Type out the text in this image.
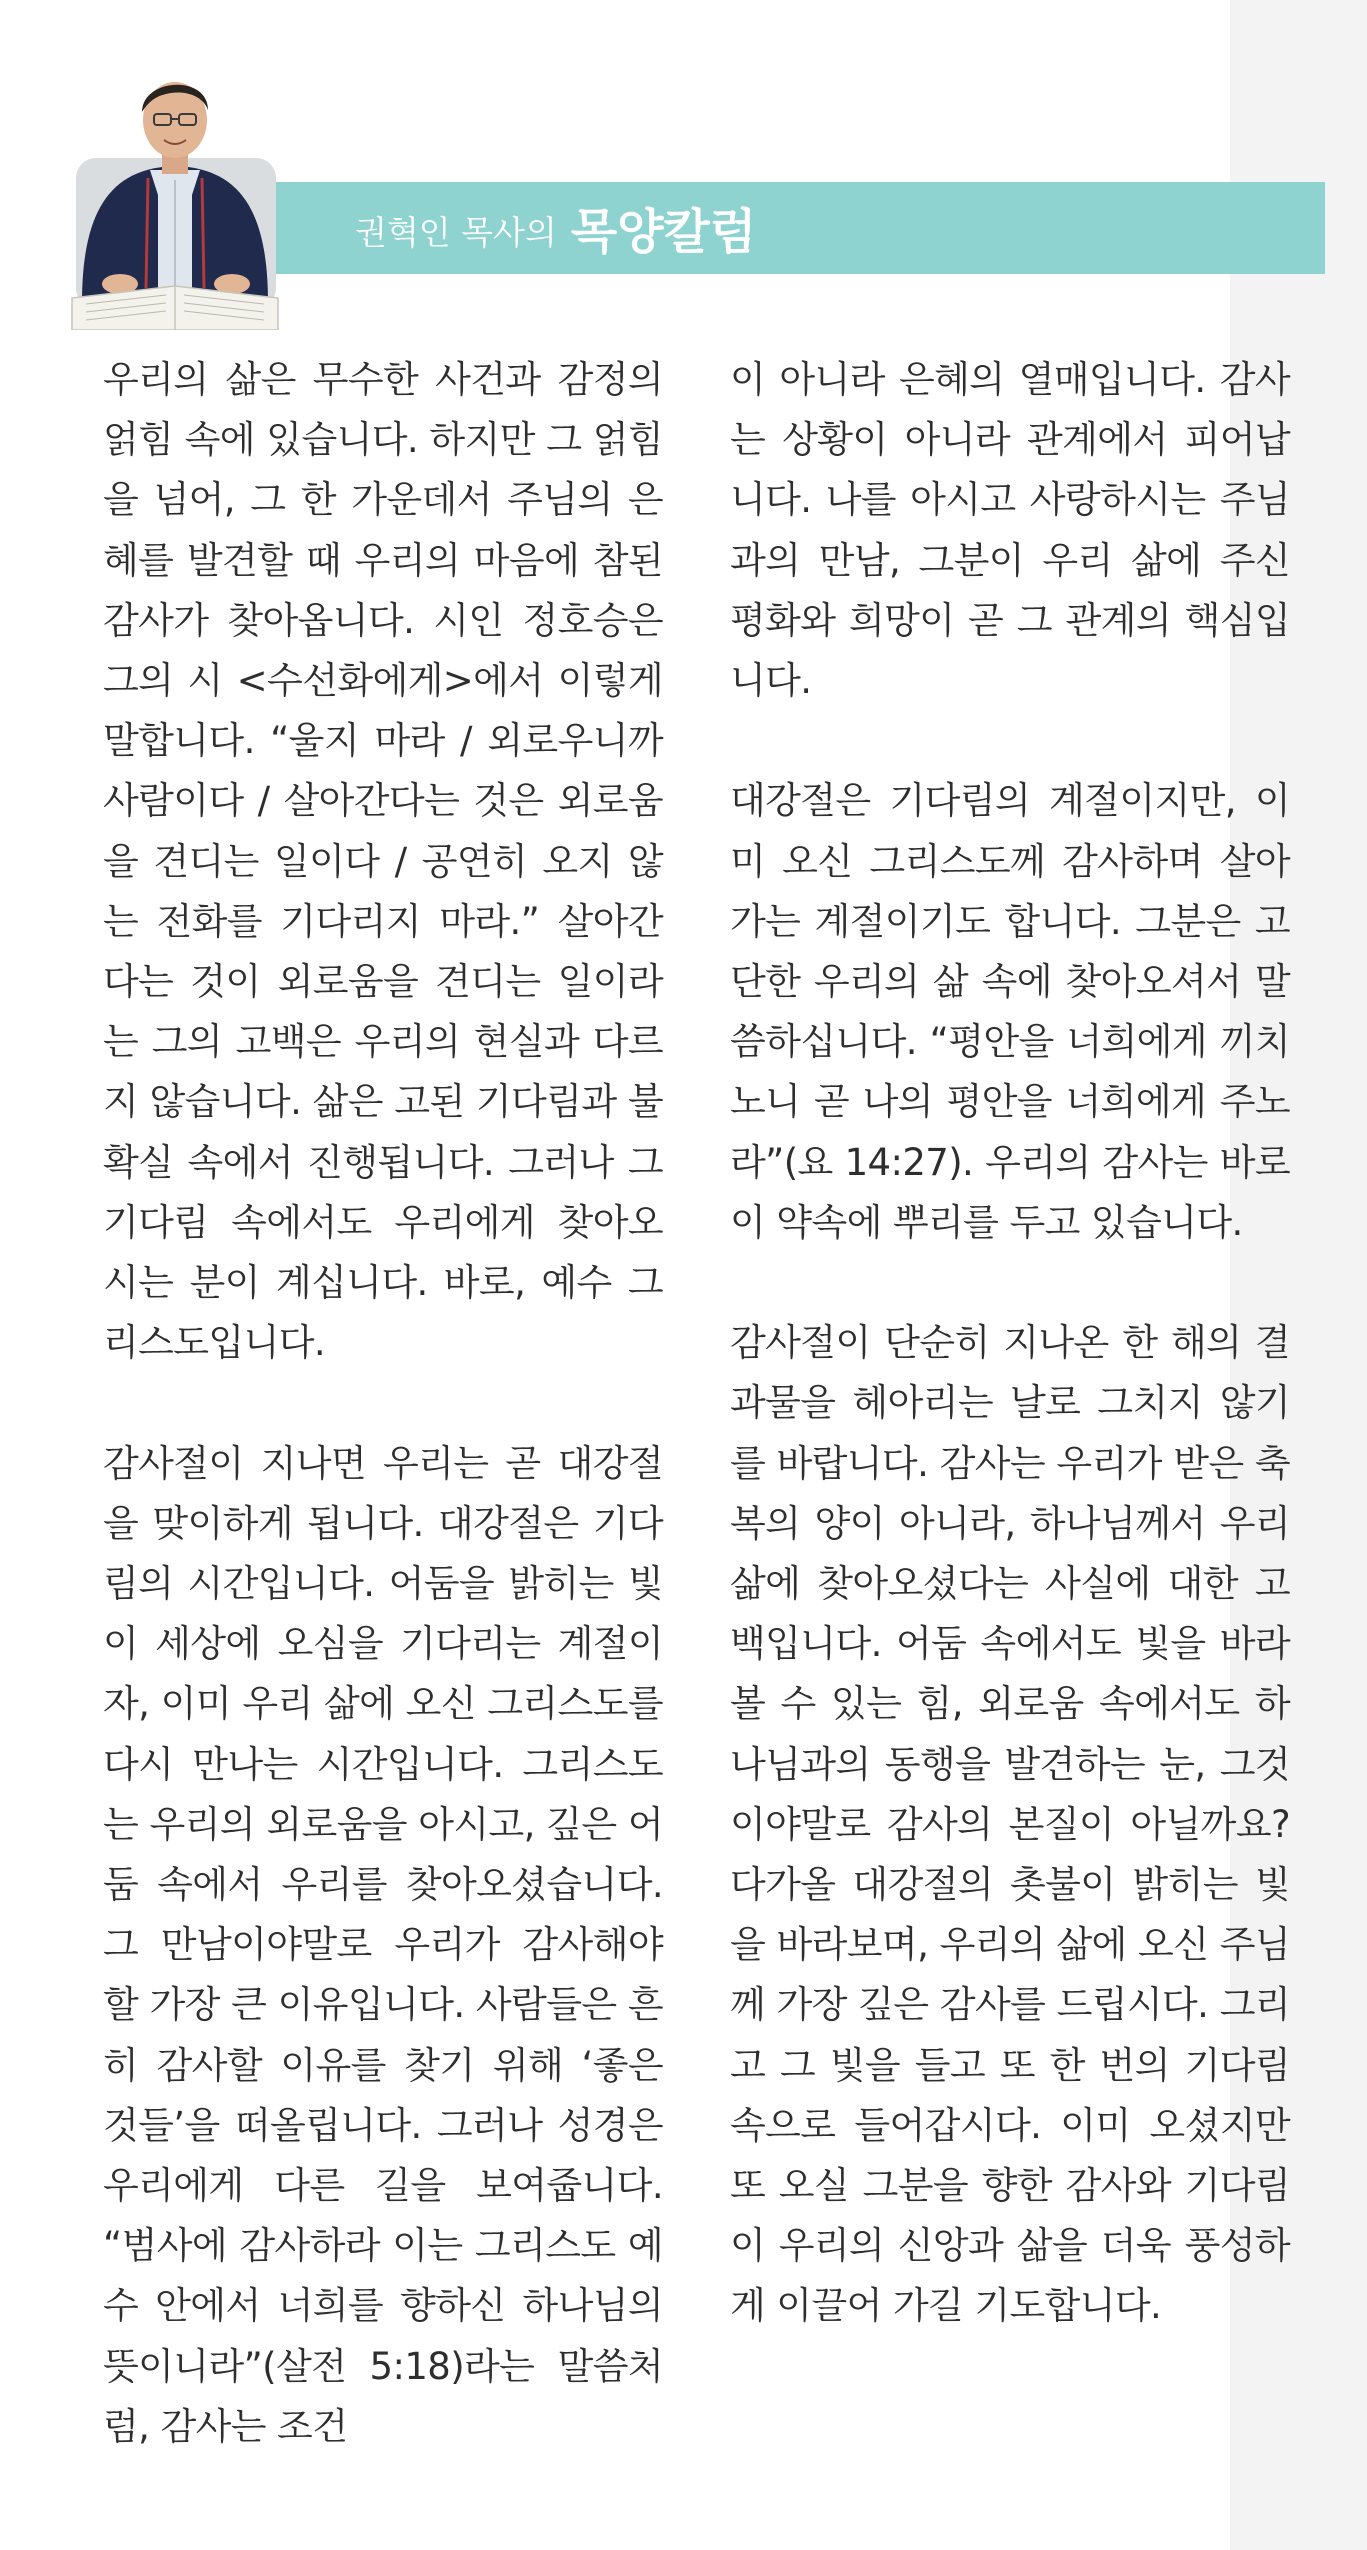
권혁인 목사의 목양칼럼

우리의 삶은 무수한 사건과 감정의 얽힘 속에 있습니다. 하지만 그 얽힘을 넘어, 그 한 가운데서 주님의 은혜를 발견할 때 우리의 마음에 참된 감사가 찾아옵니다. 시인 정호승은 그의 시 <수선화에게>에서 이렇게 말합니다. “울지 마라 / 외로우니까 사람이다 / 살아간다는 것은 외로움을 견디는 일이다 / 공연히 오지 않는 전화를 기다리지 마라.” 살아간다는 것이 외로움을 견디는 일이라는 그의 고백은 우리의 현실과 다르지 않습니다. 삶은 고된 기다림과 불확실 속에서 진행됩니다. 그러나 그 기다림 속에서도 우리에게 찾아오시는 분이 계십니다. 바로, 예수 그리스도입니다.

감사절이 지나면 우리는 곧 대강절을 맞이하게 됩니다. 대강절은 기다림의 시간입니다. 어둠을 밝히는 빛이 세상에 오심을 기다리는 계절이자, 이미 우리 삶에 오신 그리스도를 다시 만나는 시간입니다. 그리스도는 우리의 외로움을 아시고, 깊은 어둠 속에서 우리를 찾아오셨습니다. 그 만남이야말로 우리가 감사해야 할 가장 큰 이유입니다. 사람들은 흔히 감사할 이유를 찾기 위해 ‘좋은 것들’을 떠올립니다. 그러나 성경은 우리에게 다른 길을 보여줍니다. “범사에 감사하라 이는 그리스도 예수 안에서 너희를 향하신 하나님의 뜻이니라”(살전 5:18)라는 말씀처럼, 감사는 조건

이 아니라 은혜의 열매입니다. 감사는 상황이 아니라 관계에서 피어납니다. 나를 아시고 사랑하시는 주님과의 만남, 그분이 우리 삶에 주신 평화와 희망이 곧 그 관계의 핵심입니다.

대강절은 기다림의 계절이지만, 이미 오신 그리스도께 감사하며 살아가는 계절이기도 합니다. 그분은 고단한 우리의 삶 속에 찾아오셔서 말씀하십니다. “평안을 너희에게 끼치노니 곧 나의 평안을 너희에게 주노라”(요 14:27). 우리의 감사는 바로 이 약속에 뿌리를 두고 있습니다.

감사절이 단순히 지나온 한 해의 결과물을 헤아리는 날로 그치지 않기를 바랍니다. 감사는 우리가 받은 축복의 양이 아니라, 하나님께서 우리 삶에 찾아오셨다는 사실에 대한 고백입니다. 어둠 속에서도 빛을 바라볼 수 있는 힘, 외로움 속에서도 하나님과의 동행을 발견하는 눈, 그것이야말로 감사의 본질이 아닐까요? 다가올 대강절의 촛불이 밝히는 빛을 바라보며, 우리의 삶에 오신 주님께 가장 깊은 감사를 드립시다. 그리고 그 빛을 들고 또 한 번의 기다림 속으로 들어갑시다. 이미 오셨지만 또 오실 그분을 향한 감사와 기다림이 우리의 신앙과 삶을 더욱 풍성하게 이끌어 가길 기도합니다.
